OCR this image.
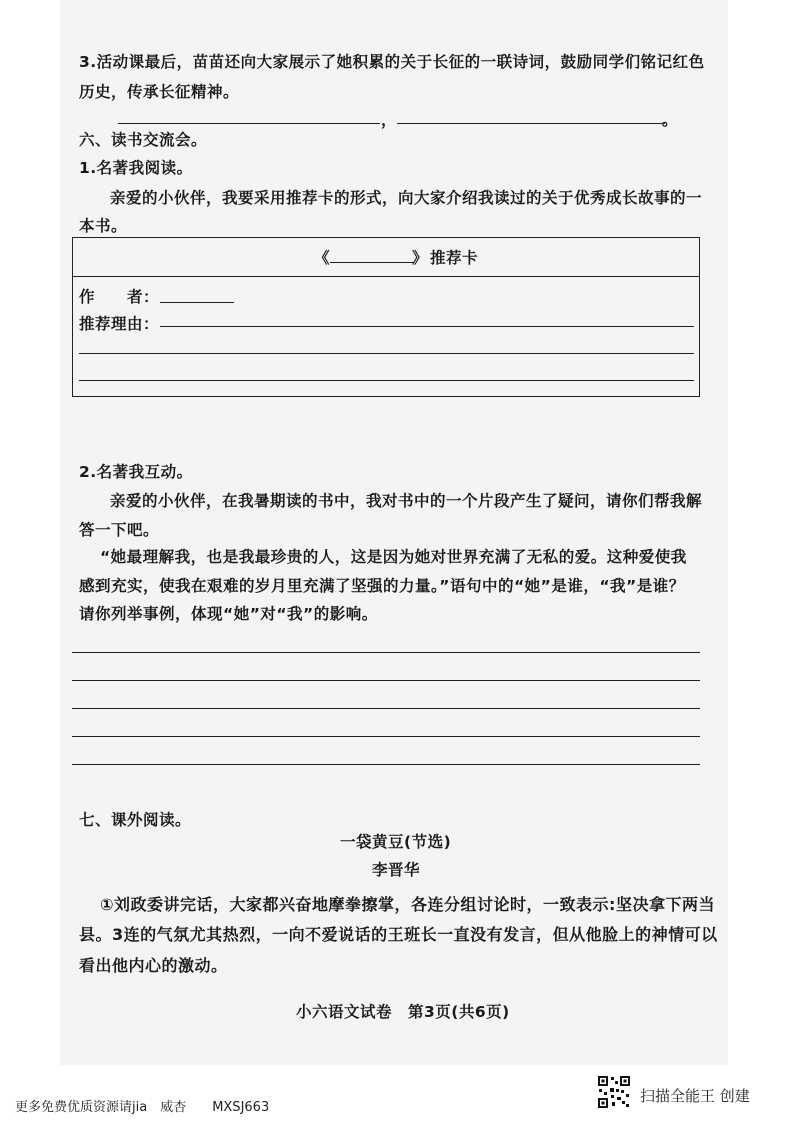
3.活动课最后，苗苗还向大家展示了她积累的关于长征的一联诗词，鼓励同学们铭记红色
历史，传承长征精神。
，	。
六、读书交流会。
1.名著我阅读。
亲爱的小伙伴，我要采用推荐卡的形式，向大家介绍我读过的关于优秀成长故事的一
本书。
《	》 推荐卡
作　　者：
推荐理由：
2.名著我互动。
亲爱的小伙伴，在我暑期读的书中，我对书中的一个片段产生了疑问，请你们帮我解
答一下吧。
“她最理解我，也是我最珍贵的人，这是因为她对世界充满了无私的爱。这种爱使我
感到充实，使我在艰难的岁月里充满了坚强的力量。”语句中的“她”是谁，“我”是谁？
请你列举事例，体现“她”对“我”的影响。
七、课外阅读。
一袋黄豆(节选)
李晋华
①刘政委讲完话，大家都兴奋地摩拳擦掌，各连分组讨论时，一致表示:坚决拿下两当
县。3连的气氛尤其热烈，一向不爱说话的王班长一直没有发言，但从他脸上的神情可以
看出他内心的激动。
小六语文试卷　第3页(共6页)
更多免费优质资源请jia　威杏　　MXSJ663
扫描全能王 创建
